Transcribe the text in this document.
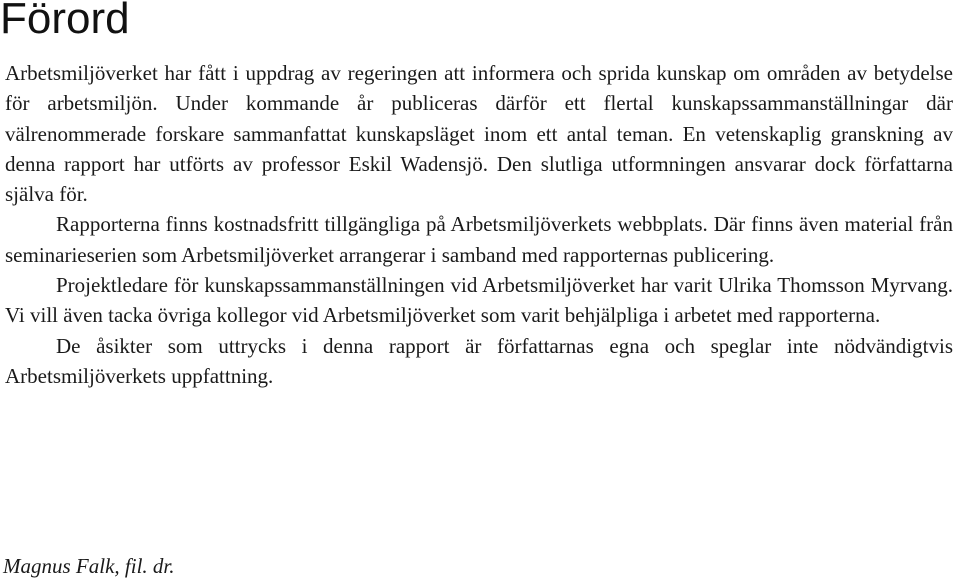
Förord

Arbetsmiljöverket har fått i uppdrag av regeringen att informera och sprida kunskap om områden av betydelse för arbetsmiljön. Under kommande år publiceras därför ett flertal kunskapssammanställningar där välrenommerade forskare sammanfattat kunskapsläget inom ett antal teman. En vetenskaplig granskning av denna rapport har utförts av professor Eskil Wadensjö. Den slutliga utformningen ansvarar dock författarna själva för.

Rapporterna finns kostnadsfritt tillgängliga på Arbetsmiljöverkets webbplats. Där finns även material från seminarieserien som Arbetsmiljöverket arrangerar i samband med rapporternas publicering.

Projektledare för kunskapssammanställningen vid Arbetsmiljöverket har varit Ulrika Thomsson Myrvang. Vi vill även tacka övriga kollegor vid Arbetsmiljöverket som varit behjälpliga i arbetet med rapporterna.

De åsikter som uttrycks i denna rapport är författarnas egna och speglar inte nödvändigtvis Arbetsmiljöverkets uppfattning.

Magnus Falk, fil. dr.
